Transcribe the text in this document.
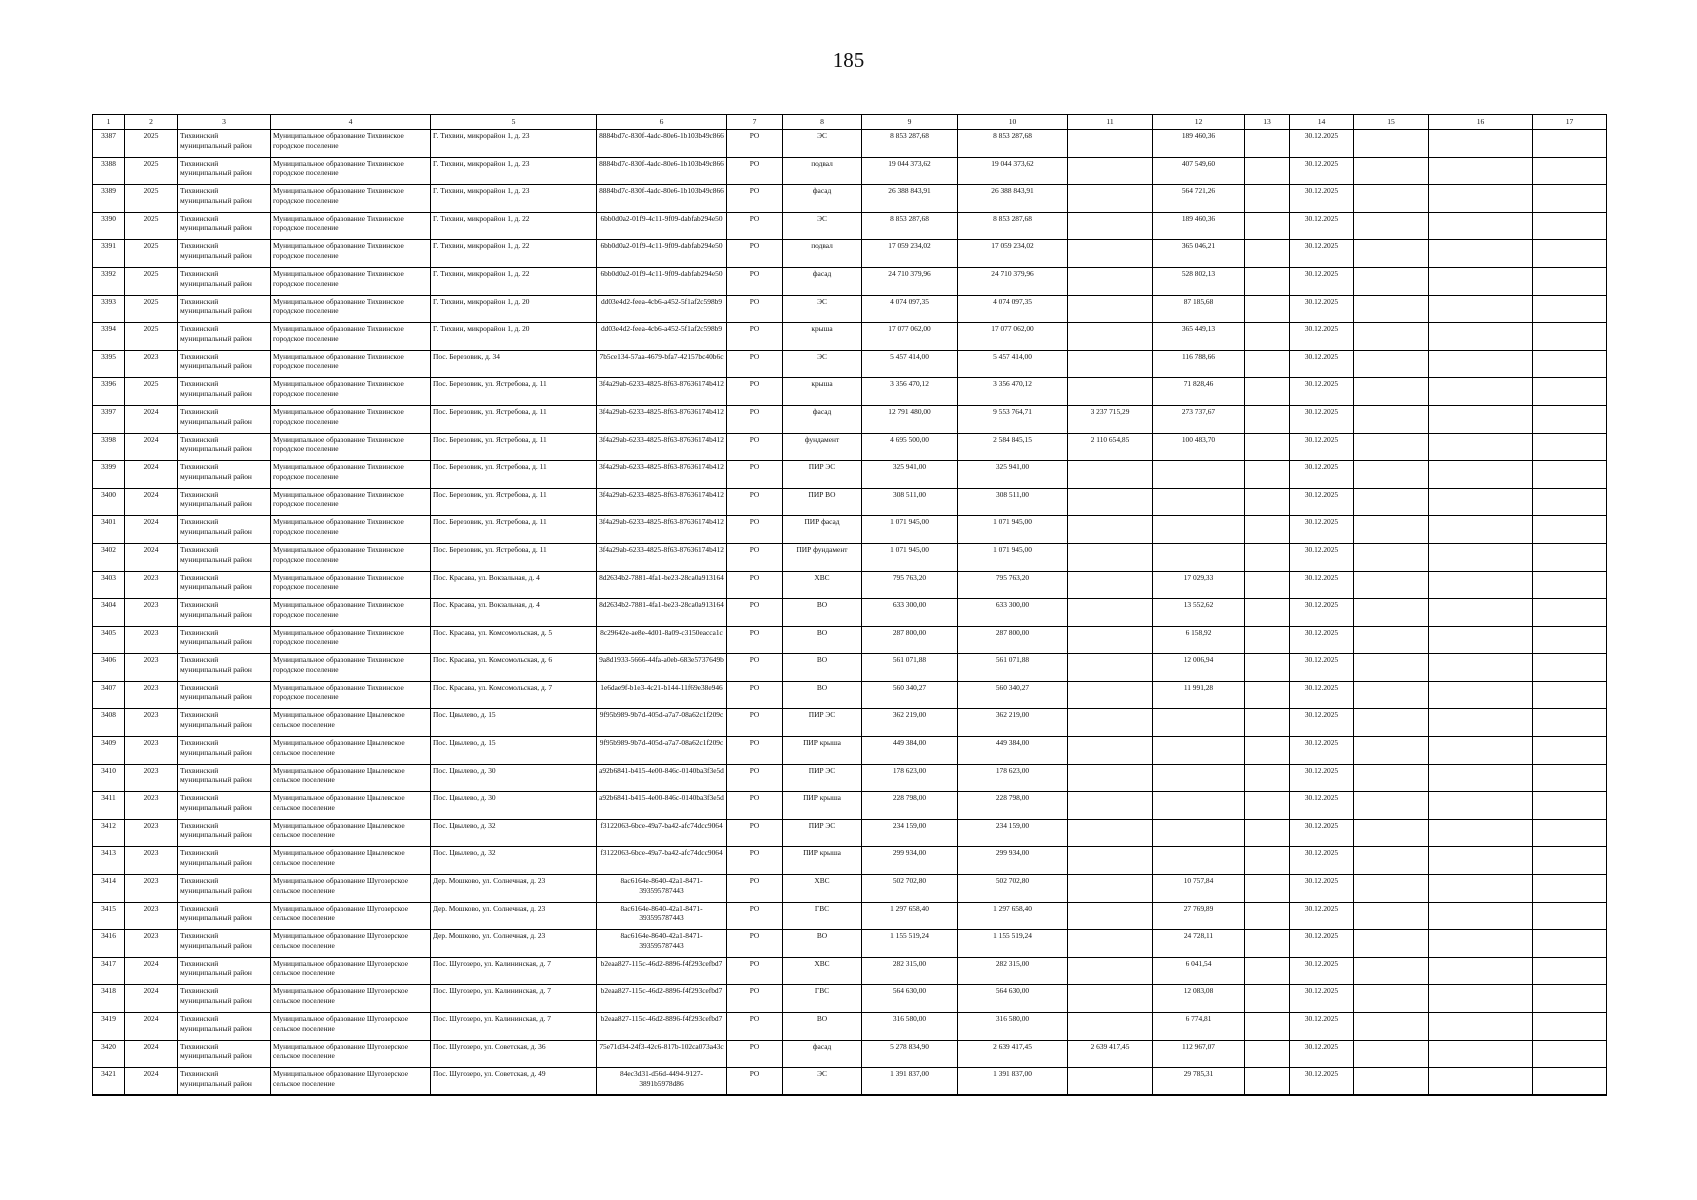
185
1	2	3	4	5	6	7	8	9	10	11	12	13	14	15	16	17
3387	2025	Тихвинский муниципальный район	Муниципальное образование Тихвинское городское поселение	Г. Тихвин, микрорайон 1, д. 23	8884bd7c-830f-4adc-80e6-1b103b49c866	РО	ЭС	8 853 287,68	8 853 287,68		189 460,36		30.12.2025			
3388	2025	Тихвинский муниципальный район	Муниципальное образование Тихвинское городское поселение	Г. Тихвин, микрорайон 1, д. 23	8884bd7c-830f-4adc-80e6-1b103b49c866	РО	подвал	19 044 373,62	19 044 373,62		407 549,60		30.12.2025			
3389	2025	Тихвинский муниципальный район	Муниципальное образование Тихвинское городское поселение	Г. Тихвин, микрорайон 1, д. 23	8884bd7c-830f-4adc-80e6-1b103b49c866	РО	фасад	26 388 843,91	26 388 843,91		564 721,26		30.12.2025			
3390	2025	Тихвинский муниципальный район	Муниципальное образование Тихвинское городское поселение	Г. Тихвин, микрорайон 1, д. 22	6bb0d0a2-01f9-4c11-9f09-dabfab294e50	РО	ЭС	8 853 287,68	8 853 287,68		189 460,36		30.12.2025			
3391	2025	Тихвинский муниципальный район	Муниципальное образование Тихвинское городское поселение	Г. Тихвин, микрорайон 1, д. 22	6bb0d0a2-01f9-4c11-9f09-dabfab294e50	РО	подвал	17 059 234,02	17 059 234,02		365 046,21		30.12.2025			
3392	2025	Тихвинский муниципальный район	Муниципальное образование Тихвинское городское поселение	Г. Тихвин, микрорайон 1, д. 22	6bb0d0a2-01f9-4c11-9f09-dabfab294e50	РО	фасад	24 710 379,96	24 710 379,96		528 802,13		30.12.2025			
3393	2025	Тихвинский муниципальный район	Муниципальное образование Тихвинское городское поселение	Г. Тихвин, микрорайон 1, д. 20	dd03e4d2-feea-4cb6-a452-5f1af2c598b9	РО	ЭС	4 074 097,35	4 074 097,35		87 185,68		30.12.2025			
3394	2025	Тихвинский муниципальный район	Муниципальное образование Тихвинское городское поселение	Г. Тихвин, микрорайон 1, д. 20	dd03e4d2-feea-4cb6-a452-5f1af2c598b9	РО	крыша	17 077 062,00	17 077 062,00		365 449,13		30.12.2025			
3395	2023	Тихвинский муниципальный район	Муниципальное образование Тихвинское городское поселение	Пос. Березовик, д. 34	7b5ce134-57aa-4679-bfa7-42157bc40b6c	РО	ЭС	5 457 414,00	5 457 414,00		116 788,66		30.12.2025			
3396	2025	Тихвинский муниципальный район	Муниципальное образование Тихвинское городское поселение	Пос. Березовик, ул. Ястребова, д. 11	3f4a29ab-6233-4825-8f63-87636174b412	РО	крыша	3 356 470,12	3 356 470,12		71 828,46		30.12.2025			
3397	2024	Тихвинский муниципальный район	Муниципальное образование Тихвинское городское поселение	Пос. Березовик, ул. Ястребова, д. 11	3f4a29ab-6233-4825-8f63-87636174b412	РО	фасад	12 791 480,00	9 553 764,71	3 237 715,29	273 737,67		30.12.2025			
3398	2024	Тихвинский муниципальный район	Муниципальное образование Тихвинское городское поселение	Пос. Березовик, ул. Ястребова, д. 11	3f4a29ab-6233-4825-8f63-87636174b412	РО	фундамент	4 695 500,00	2 584 845,15	2 110 654,85	100 483,70		30.12.2025			
3399	2024	Тихвинский муниципальный район	Муниципальное образование Тихвинское городское поселение	Пос. Березовик, ул. Ястребова, д. 11	3f4a29ab-6233-4825-8f63-87636174b412	РО	ПИР ЭС	325 941,00	325 941,00				30.12.2025			
3400	2024	Тихвинский муниципальный район	Муниципальное образование Тихвинское городское поселение	Пос. Березовик, ул. Ястребова, д. 11	3f4a29ab-6233-4825-8f63-87636174b412	РО	ПИР ВО	308 511,00	308 511,00				30.12.2025			
3401	2024	Тихвинский муниципальный район	Муниципальное образование Тихвинское городское поселение	Пос. Березовик, ул. Ястребова, д. 11	3f4a29ab-6233-4825-8f63-87636174b412	РО	ПИР фасад	1 071 945,00	1 071 945,00				30.12.2025			
3402	2024	Тихвинский муниципальный район	Муниципальное образование Тихвинское городское поселение	Пос. Березовик, ул. Ястребова, д. 11	3f4a29ab-6233-4825-8f63-87636174b412	РО	ПИР фундамент	1 071 945,00	1 071 945,00				30.12.2025			
3403	2023	Тихвинский муниципальный район	Муниципальное образование Тихвинское городское поселение	Пос. Красава, ул. Вокзальная, д. 4	8d2634b2-7881-4fa1-be23-28ca0a913164	РО	ХВС	795 763,20	795 763,20		17 029,33		30.12.2025			
3404	2023	Тихвинский муниципальный район	Муниципальное образование Тихвинское городское поселение	Пос. Красава, ул. Вокзальная, д. 4	8d2634b2-7881-4fa1-be23-28ca0a913164	РО	ВО	633 300,00	633 300,00		13 552,62		30.12.2025			
3405	2023	Тихвинский муниципальный район	Муниципальное образование Тихвинское городское поселение	Пос. Красава, ул. Комсомольская, д. 5	8c29642e-ae8e-4d01-8a09-c3150eacca1c	РО	ВО	287 800,00	287 800,00		6 158,92		30.12.2025			
3406	2023	Тихвинский муниципальный район	Муниципальное образование Тихвинское городское поселение	Пос. Красава, ул. Комсомольская, д. 6	9a8d1933-5666-44fa-a0eb-683e5737649b	РО	ВО	561 071,88	561 071,88		12 006,94		30.12.2025			
3407	2023	Тихвинский муниципальный район	Муниципальное образование Тихвинское городское поселение	Пос. Красава, ул. Комсомольская, д. 7	1e6dae9f-b1e3-4c21-b144-11f69e38e946	РО	ВО	560 340,27	560 340,27		11 991,28		30.12.2025			
3408	2023	Тихвинский муниципальный район	Муниципальное образование Цвылевское сельское поселение	Пос. Цвылево, д. 15	9f95b989-9b7d-405d-a7a7-08a62c1f209c	РО	ПИР ЭС	362 219,00	362 219,00				30.12.2025			
3409	2023	Тихвинский муниципальный район	Муниципальное образование Цвылевское сельское поселение	Пос. Цвылево, д. 15	9f95b989-9b7d-405d-a7a7-08a62c1f209c	РО	ПИР крыша	449 384,00	449 384,00				30.12.2025			
3410	2023	Тихвинский муниципальный район	Муниципальное образование Цвылевское сельское поселение	Пос. Цвылево, д. 30	a92b6841-b415-4e00-846c-0140ba3f3e5d	РО	ПИР ЭС	178 623,00	178 623,00				30.12.2025			
3411	2023	Тихвинский муниципальный район	Муниципальное образование Цвылевское сельское поселение	Пос. Цвылево, д. 30	a92b6841-b415-4e00-846c-0140ba3f3e5d	РО	ПИР крыша	228 798,00	228 798,00				30.12.2025			
3412	2023	Тихвинский муниципальный район	Муниципальное образование Цвылевское сельское поселение	Пос. Цвылево, д. 32	f3122063-6bce-49a7-ba42-afc74dcc9064	РО	ПИР ЭС	234 159,00	234 159,00				30.12.2025			
3413	2023	Тихвинский муниципальный район	Муниципальное образование Цвылевское сельское поселение	Пос. Цвылево, д. 32	f3122063-6bce-49a7-ba42-afc74dcc9064	РО	ПИР крыша	299 934,00	299 934,00				30.12.2025			
3414	2023	Тихвинский муниципальный район	Муниципальное образование Шугозерское сельское поселение	Дер. Мошково, ул. Солнечная, д. 23	8ac6164e-8640-42a1-8471-393595787443	РО	ХВС	502 702,80	502 702,80		10 757,84		30.12.2025			
3415	2023	Тихвинский муниципальный район	Муниципальное образование Шугозерское сельское поселение	Дер. Мошково, ул. Солнечная, д. 23	8ac6164e-8640-42a1-8471-393595787443	РО	ГВС	1 297 658,40	1 297 658,40		27 769,89		30.12.2025			
3416	2023	Тихвинский муниципальный район	Муниципальное образование Шугозерское сельское поселение	Дер. Мошково, ул. Солнечная, д. 23	8ac6164e-8640-42a1-8471-393595787443	РО	ВО	1 155 519,24	1 155 519,24		24 728,11		30.12.2025			
3417	2024	Тихвинский муниципальный район	Муниципальное образование Шугозерское сельское поселение	Пос. Шугозеро, ул. Калининская, д. 7	b2eaa827-115c-46d2-8896-f4f293cefbd7	РО	ХВС	282 315,00	282 315,00		6 041,54		30.12.2025			
3418	2024	Тихвинский муниципальный район	Муниципальное образование Шугозерское сельское поселение	Пос. Шугозеро, ул. Калининская, д. 7	b2eaa827-115c-46d2-8896-f4f293cefbd7	РО	ГВС	564 630,00	564 630,00		12 083,08		30.12.2025			
3419	2024	Тихвинский муниципальный район	Муниципальное образование Шугозерское сельское поселение	Пос. Шугозеро, ул. Калининская, д. 7	b2eaa827-115c-46d2-8896-f4f293cefbd7	РО	ВО	316 580,00	316 580,00		6 774,81		30.12.2025			
3420	2024	Тихвинский муниципальный район	Муниципальное образование Шугозерское сельское поселение	Пос. Шугозеро, ул. Советская, д. 36	75e71d34-24f3-42c6-817b-102ca073a43c	РО	фасад	5 278 834,90	2 639 417,45	2 639 417,45	112 967,07		30.12.2025			
3421	2024	Тихвинский муниципальный район	Муниципальное образование Шугозерское сельское поселение	Пос. Шугозеро, ул. Советская, д. 49	84ec3d31-d56d-4494-9127-3891b5978d86	РО	ЭС	1 391 837,00	1 391 837,00		29 785,31		30.12.2025			
